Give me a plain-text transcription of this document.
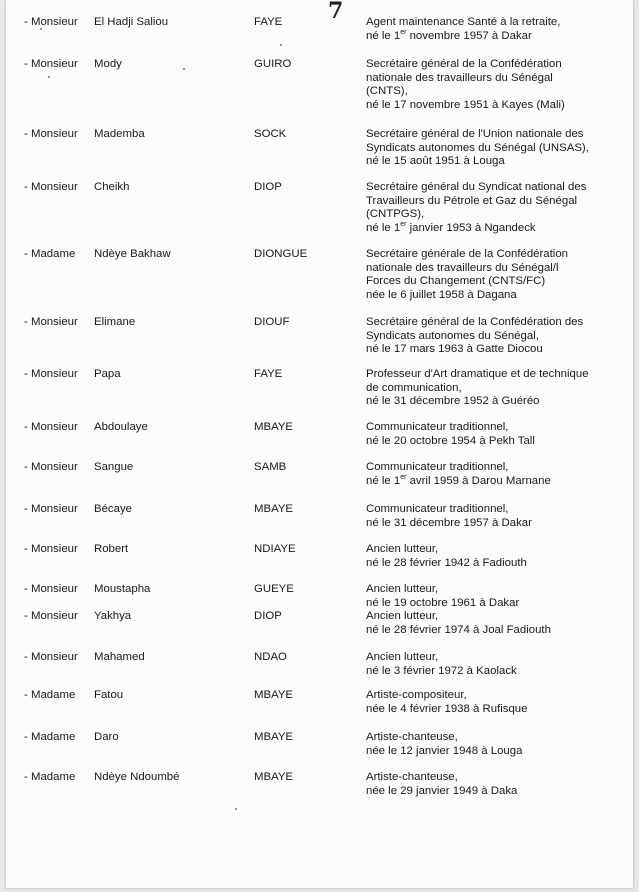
7
- Monsieur El Hadji Saliou	FAYE	Agent maintenance Santé à la retraite,
né le 1er novembre 1957 à Dakar
- Monsieur Mody	GUIRO	Secrétaire général de la Confédération
nationale des travailleurs du Sénégal
(CNTS),
né le 17 novembre 1951 à Kayes (Mali)
- Monsieur Mademba	SOCK	Secrétaire général de l'Union nationale des
Syndicats autonomes du Sénégal (UNSAS),
né le 15 août 1951 à Louga
- Monsieur Cheikh	DIOP	Secrétaire général du Syndicat national des
Travailleurs du Pétrole et Gaz du Sénégal
(CNTPGS),
né le 1er janvier 1953 à Ngandeck
- Madame Ndèye Bakhaw	DIONGUE	Secrétaire générale de la Confédération
nationale des travailleurs du Sénégal/l
Forces du Changement (CNTS/FC)
née le 6 juillet 1958 à Dagana
- Monsieur Elimane	DIOUF	Secrétaire général de la Confédération des
Syndicats autonomes du Sénégal,
né le 17 mars 1963 à Gatte Diocou
- Monsieur Papa	FAYE	Professeur d'Art dramatique et de technique
de communication,
né le 31 décembre 1952 à Guéréo
- Monsieur Abdoulaye	MBAYE	Communicateur traditionnel,
né le 20 octobre 1954 à Pekh Tall
- Monsieur Sangue	SAMB	Communicateur traditionnel,
né le 1er avril 1959 à Darou Marnane
- Monsieur Bécaye	MBAYE	Communicateur traditionnel,
né le 31 décembre 1957 à Dakar
- Monsieur Robert	NDIAYE	Ancien lutteur,
né le 28 février 1942 à Fadiouth
- Monsieur Moustapha	GUEYE	Ancien lutteur,
né le 19 octobre 1961 à Dakar
- Monsieur Yakhya	DIOP	Ancien lutteur,
né le 28 février 1974 à Joal Fadiouth
- Monsieur Mahamed	NDAO	Ancien lutteur,
né le 3 février 1972 à Kaolack
- Madame Fatou	MBAYE	Artiste-compositeur,
née le 4 février 1938 à Rufisque
- Madame Daro	MBAYE	Artiste-chanteuse,
née le 12 janvier 1948 à Louga
- Madame Ndèye Ndoumbé	MBAYE	Artiste-chanteuse,
née le 29 janvier 1949 à Daka
